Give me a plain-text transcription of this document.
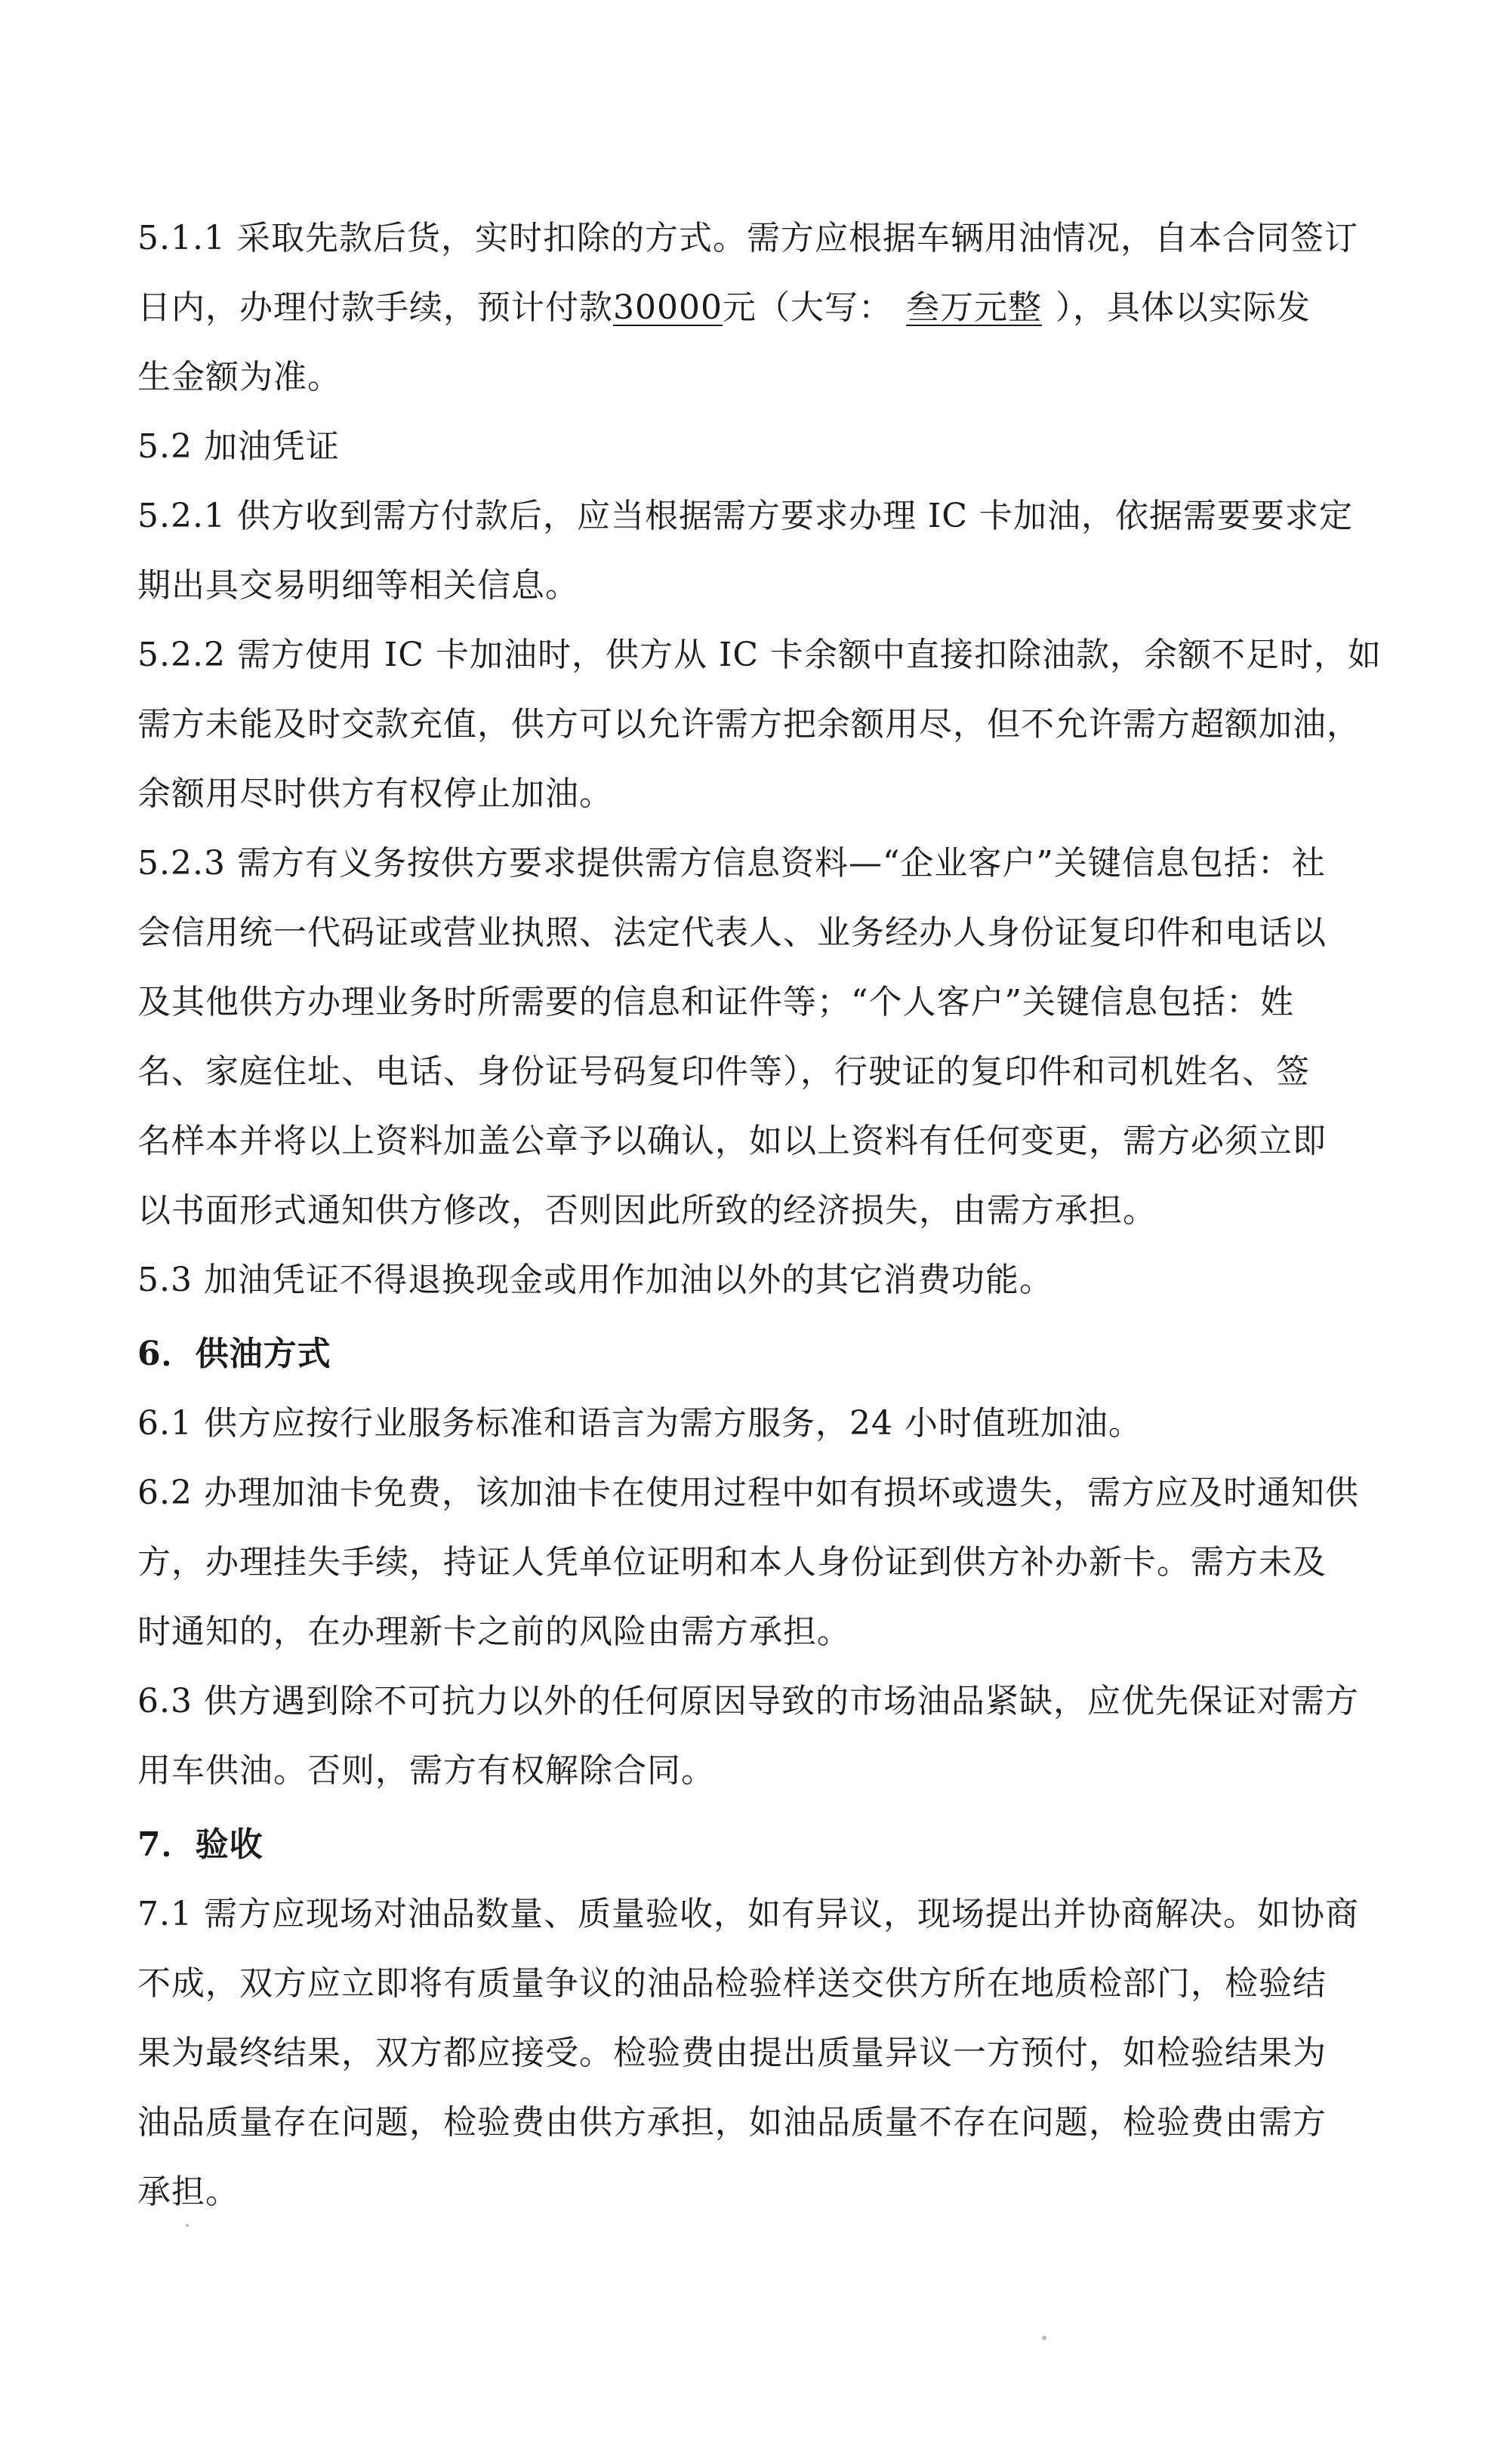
5.1.1 采取先款后货，实时扣除的方式。需方应根据车辆用油情况，自本合同签订
日内，办理付款手续，预计付款30000元（大写： 叁万元整 ），具体以实际发
生金额为准。

5.2 加油凭证

5.2.1 供方收到需方付款后，应当根据需方要求办理 IC 卡加油，依据需要要求定
期出具交易明细等相关信息。

5.2.2 需方使用 IC 卡加油时，供方从 IC 卡余额中直接扣除油款，余额不足时，如
需方未能及时交款充值，供方可以允许需方把余额用尽，但不允许需方超额加油，
余额用尽时供方有权停止加油。

5.2.3 需方有义务按供方要求提供需方信息资料—“企业客户”关键信息包括：社
会信用统一代码证或营业执照、法定代表人、业务经办人身份证复印件和电话以
及其他供方办理业务时所需要的信息和证件等；“个人客户”关键信息包括：姓
名、家庭住址、电话、身份证号码复印件等），行驶证的复印件和司机姓名、签
名样本并将以上资料加盖公章予以确认，如以上资料有任何变更，需方必须立即
以书面形式通知供方修改，否则因此所致的经济损失，由需方承担。

5.3 加油凭证不得退换现金或用作加油以外的其它消费功能。

6．供油方式

6.1 供方应按行业服务标准和语言为需方服务，24 小时值班加油。

6.2 办理加油卡免费，该加油卡在使用过程中如有损坏或遗失，需方应及时通知供
方，办理挂失手续，持证人凭单位证明和本人身份证到供方补办新卡。需方未及
时通知的，在办理新卡之前的风险由需方承担。

6.3 供方遇到除不可抗力以外的任何原因导致的市场油品紧缺，应优先保证对需方
用车供油。否则，需方有权解除合同。

7．验收

7.1 需方应现场对油品数量、质量验收，如有异议，现场提出并协商解决。如协商
不成，双方应立即将有质量争议的油品检验样送交供方所在地质检部门，检验结
果为最终结果，双方都应接受。检验费由提出质量异议一方预付，如检验结果为
油品质量存在问题，检验费由供方承担，如油品质量不存在问题，检验费由需方
承担。
